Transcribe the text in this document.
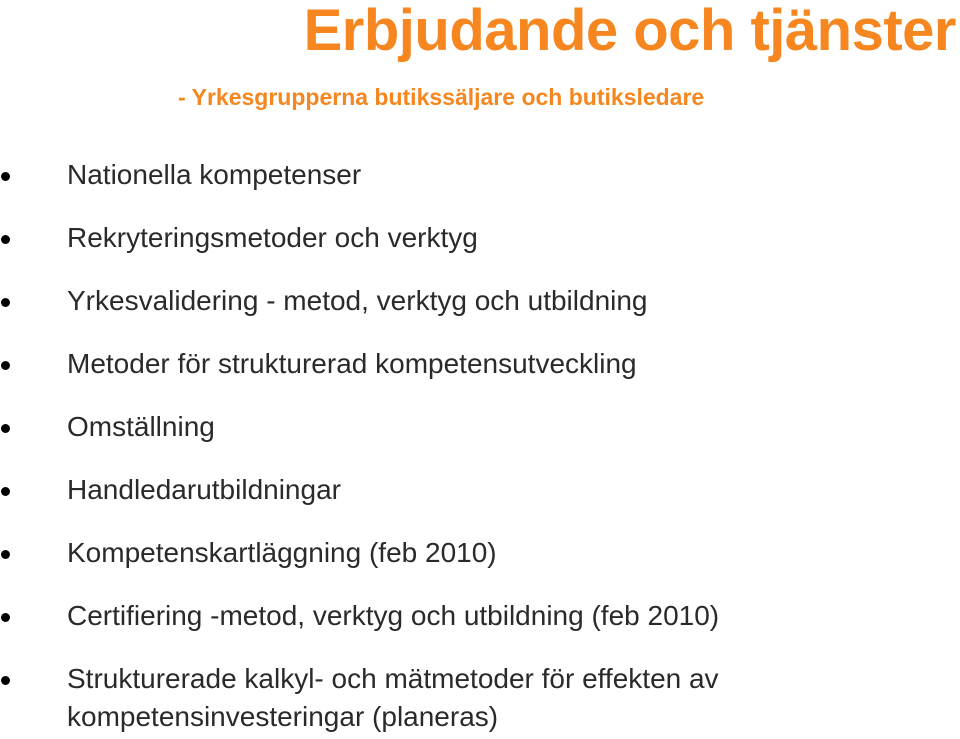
Erbjudande och tjänster
- Yrkesgrupperna butikssäljare och butiksledare
Nationella kompetenser
Rekryteringsmetoder och verktyg
Yrkesvalidering - metod, verktyg och utbildning
Metoder för strukturerad kompetensutveckling
Omställning
Handledarutbildningar
Kompetenskartläggning (feb 2010)
Certifiering -metod, verktyg och utbildning (feb 2010)
Strukturerade kalkyl- och mätmetoder för effekten av kompetensinvesteringar (planeras)
